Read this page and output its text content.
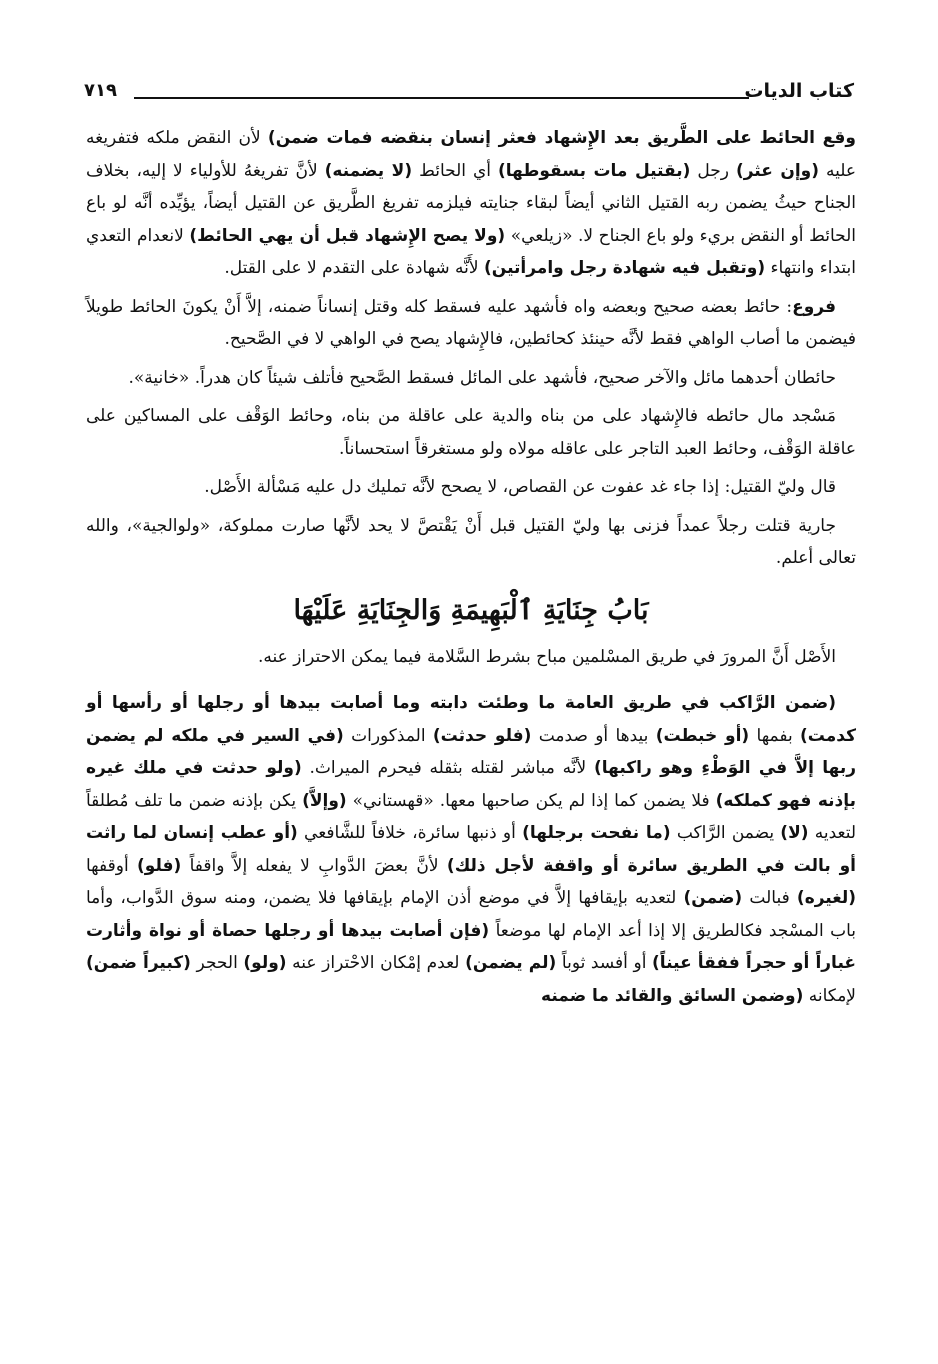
كتاب الديات
٧١٩

وقع الحائط على الطَّريق بعد الإِشهاد فعثر إنسان بنقضه فمات ضمن) لأن النقض ملكه فتفريغه عليه (وإن عثر) رجل (بقتيل مات بسقوطها) أي الحائط (لا يضمنه) لأنَّ تفريغهُ للأولياء لا إليه، بخلاف الجناح حيثُ يضمن ربه القتيل الثاني أيضاً لبقاء جنايته فيلزمه تفريغ الطَّريق عن القتيل أيضاً، يؤيِّده أنَّه لو باع الحائط أو النقض بريء ولو باع الجناح لا. «زيلعي» (ولا يصح الإِشهاد قبل أن يهي الحائط) لانعدام التعدي ابتداء وانتهاء (وتقبل فيه شهادة رجل وامرأتين) لأَنَّه شهادة على التقدم لا على القتل.

فروع: حائط بعضه صحيح وبعضه واه فأشهد عليه فسقط كله وقتل إنساناً ضمنه، إلاَّ أَنْ يكونَ الحائط طويلاً فيضمن ما أصاب الواهي فقط لأنَّه حينئذ كحائطين، فالإِشهاد يصح في الواهي لا في الصَّحيح.

حائطان أحدهما مائل والآخر صحيح، فأشهد على المائل فسقط الصَّحيح فأتلف شيئاً كان هدراً. «خانية».

مَسْجد مال حائطه فالإِشهاد على من بناه والدية على عاقلة من بناه، وحائط الوَقْف على المساكين على عاقلة الوَقْف، وحائط العبد التاجر على عاقله مولاه ولو مستغرقاً استحساناً.

قال وليّ القتيل: إذا جاء غد عفوت عن القصاص، لا يصحح لأنَّه تمليك دل عليه مَسْألة الأَصْل.

جارية قتلت رجلاً عمداً فزنى بها وليّ القتيل قبل أَنْ يَقْتصَّ لا يحد لأنَّها صارت مملوكة، «ولوالجية»، والله تعالى أعلم.

بَابُ جِنَايَةِ ٱلْبَهِيمَةِ وَالجِنَايَةِ عَلَيْهَا

الأَصْل أَنَّ المرورَ في طريق المسْلمين مباح بشرط السَّلامة فيما يمكن الاحتراز عنه.

(ضمن الرَّاكب في طريق العامة ما وطئت دابته وما أصابت بيدها أو رجلها أو رأسها أو كدمت) بفمها (أو خبطت) بيدها أو صدمت (فلو حدثت) المذكورات (في السير في ملكه لم يضمن ربها إلاَّ في الوَطْءِ وهو راكبها) لأنَّه مباشر لقتله بثقله فيحرم الميراث. (ولو حدثت في ملك غيره بإذنه فهو كملكه) فلا يضمن كما إذا لم يكن صاحبها معها. «قهستاني» (وإلاَّ) يكن بإذنه ضمن ما تلف مُطلقاً لتعديه (لا) يضمن الرَّاكب (ما نفحت برجلها) أو ذنبها سائرة، خلافاً للشَّافعي (أو عطب إنسان لما راثت أو بالت في الطريق سائرة أو واقفة لأجل ذلك) لأنَّ بعضَ الدَّوابِ لا يفعله إلاَّ واقفاً (فلو) أوقفها (لغيره) فبالت (ضمن) لتعديه بإيقافها إلاَّ في موضع أذن الإمام بإيقافها فلا يضمن، ومنه سوق الدَّواب، وأما باب المسْجد فكالطريق إلا إذا أعد الإمام لها موضعاً (فإن أصابت بيدها أو رجلها حصاة أو نواة وأثارت غباراً أو حجراً ففقأ عيناً) أو أفسد ثوباً (لم يضمن) لعدم إمْكان الاحْتراز عنه (ولو) الحجر (كبيراً ضمن) لإمكانه (وضمن السائق والقائد ما ضمنه
